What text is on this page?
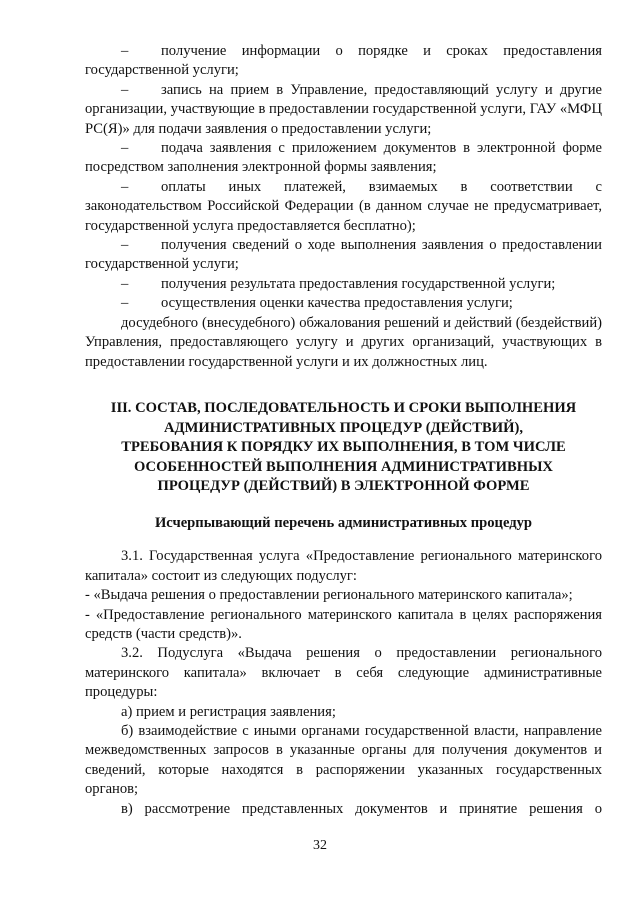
– получение информации о порядке и сроках предоставления государственной услуги;

– запись на прием в Управление, предоставляющий услугу и другие организации, участвующие в предоставлении государственной услуги, ГАУ «МФЦ РС(Я)» для подачи заявления о предоставлении услуги;

– подача заявления с приложением документов в электронной форме посредством заполнения электронной формы заявления;

– оплаты иных платежей, взимаемых в соответствии с законодательством Российской Федерации (в данном случае не предусматривает, государственной услуга предоставляется бесплатно);

– получения сведений о ходе выполнения заявления о предоставлении государственной услуги;

– получения результата предоставления государственной услуги;

– осуществления оценки качества предоставления услуги;

досудебного (внесудебного) обжалования решений и действий (бездействий) Управления, предоставляющего услугу и других организаций, участвующих в предоставлении государственной услуги и их должностных лиц.

III. СОСТАВ, ПОСЛЕДОВАТЕЛЬНОСТЬ И СРОКИ ВЫПОЛНЕНИЯ
АДМИНИСТРАТИВНЫХ ПРОЦЕДУР (ДЕЙСТВИЙ),
ТРЕБОВАНИЯ К ПОРЯДКУ ИХ ВЫПОЛНЕНИЯ, В ТОМ ЧИСЛЕ
ОСОБЕННОСТЕЙ ВЫПОЛНЕНИЯ АДМИНИСТРАТИВНЫХ
ПРОЦЕДУР (ДЕЙСТВИЙ) В ЭЛЕКТРОННОЙ ФОРМЕ
Исчерпывающий перечень административных процедур

3.1. Государственная услуга «Предоставление регионального материнского капитала» состоит из следующих подуслуг:

- «Выдача решения о предоставлении регионального материнского капитала»;

- «Предоставление регионального материнского капитала в целях распоряжения средств (части средств)».

3.2. Подуслуга «Выдача решения о предоставлении регионального материнского капитала» включает в себя следующие административные процедуры:

а) прием и регистрация заявления;

б) взаимодействие с иными органами государственной власти, направление межведомственных запросов в указанные органы для получения документов и сведений, которые находятся в распоряжении указанных государственных органов;

в) рассмотрение представленных документов и принятие решения о

32
